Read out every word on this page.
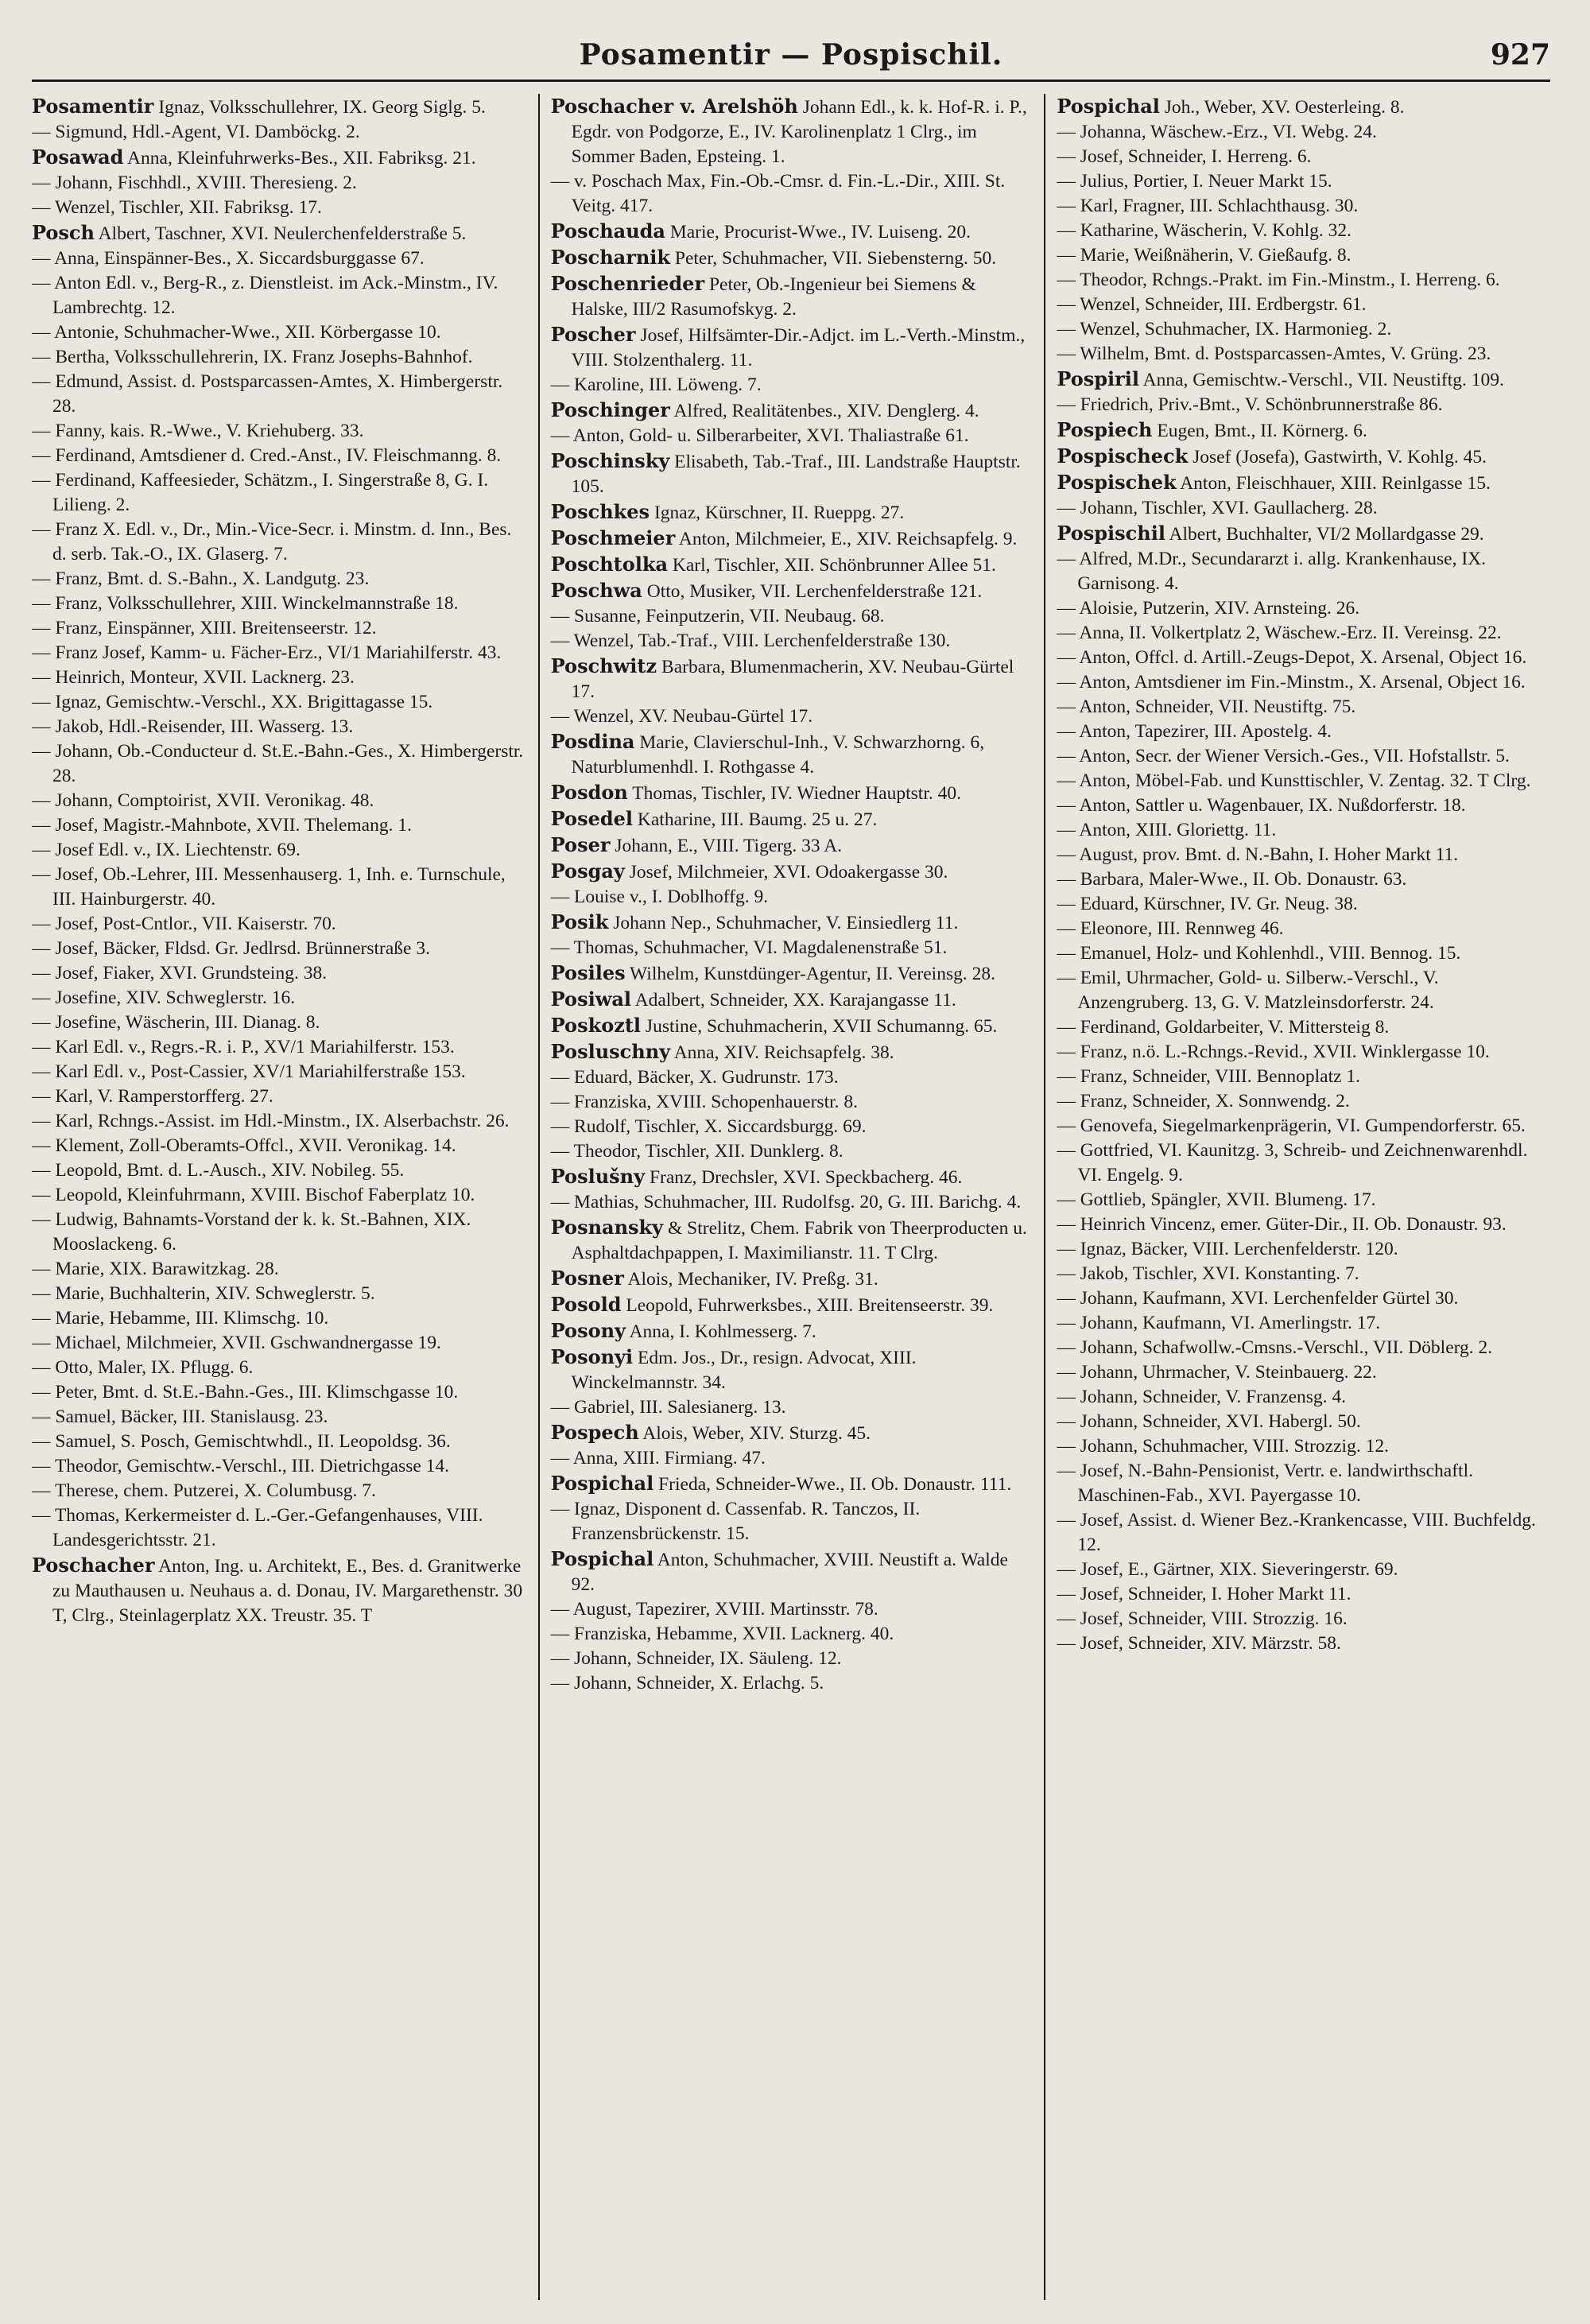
Posamentir — Pospischil.	927

Posamentir Ignaz, Volksschullehrer, IX. Georg Siglg. 5.

— Sigmund, Hdl.-Agent, VI. Damböckg. 2.

Posawad Anna, Kleinfuhrwerks-Bes., XII. Fabriksg. 21.

— Johann, Fischhdl., XVIII. Theresieng. 2.

— Wenzel, Tischler, XII. Fabriksg. 17.

Posch Albert, Taschner, XVI. Neulerchenfelderstraße 5.

— Anna, Einspänner-Bes., X. Siccardsburggasse 67.

— Anton Edl. v., Berg-R., z. Dienstleist. im Ack.-Minstm., IV. Lambrechtg. 12.

— Antonie, Schuhmacher-Wwe., XII. Körbergasse 10.

— Bertha, Volksschullehrerin, IX. Franz Josephs-Bahnhof.

— Edmund, Assist. d. Postsparcassen-Amtes, X. Himbergerstr. 28.

— Fanny, kais. R.-Wwe., V. Kriehuberg. 33.

— Ferdinand, Amtsdiener d. Cred.-Anst., IV. Fleischmanng. 8.

— Ferdinand, Kaffeesieder, Schätzm., I. Singerstraße 8, G. I. Lilieng. 2.

— Franz X. Edl. v., Dr., Min.-Vice-Secr. i. Minstm. d. Inn., Bes. d. serb. Tak.-O., IX. Glaserg. 7.

— Franz, Bmt. d. S.-Bahn., X. Landgutg. 23.

— Franz, Volksschullehrer, XIII. Winckelmannstraße 18.

— Franz, Einspänner, XIII. Breitenseerstr. 12.

— Franz Josef, Kamm- u. Fächer-Erz., VI/1 Mariahilferstr. 43.

— Heinrich, Monteur, XVII. Lacknerg. 23.

— Ignaz, Gemischtw.-Verschl., XX. Brigittagasse 15.

— Jakob, Hdl.-Reisender, III. Wasserg. 13.

— Johann, Ob.-Conducteur d. St.E.-Bahn.-Ges., X. Himbergerstr. 28.

— Johann, Comptoirist, XVII. Veronikag. 48.

— Josef, Magistr.-Mahnbote, XVII. Thelemang. 1.

— Josef Edl. v., IX. Liechtenstr. 69.

— Josef, Ob.-Lehrer, III. Messenhauserg. 1, Inh. e. Turnschule, III. Hainburgerstr. 40.

— Josef, Post-Cntlor., VII. Kaiserstr. 70.

— Josef, Bäcker, Fldsd. Gr. Jedlrsd. Brünnerstraße 3.

— Josef, Fiaker, XVI. Grundsteing. 38.

— Josefine, XIV. Schweglerstr. 16.

— Josefine, Wäscherin, III. Dianag. 8.

— Karl Edl. v., Regrs.-R. i. P., XV/1 Mariahilferstr. 153.

— Karl Edl. v., Post-Cassier, XV/1 Mariahilferstraße 153.

— Karl, V. Ramperstorfferg. 27.

— Karl, Rchngs.-Assist. im Hdl.-Minstm., IX. Alserbachstr. 26.

— Klement, Zoll-Oberamts-Offcl., XVII. Veronikag. 14.

— Leopold, Bmt. d. L.-Ausch., XIV. Nobileg. 55.

— Leopold, Kleinfuhrmann, XVIII. Bischof Faberplatz 10.

— Ludwig, Bahnamts-Vorstand der k. k. St.-Bahnen, XIX. Mooslackeng. 6.

— Marie, XIX. Barawitzkag. 28.

— Marie, Buchhalterin, XIV. Schweglerstr. 5.

— Marie, Hebamme, III. Klimschg. 10.

— Michael, Milchmeier, XVII. Gschwandnergasse 19.

— Otto, Maler, IX. Pflugg. 6.

— Peter, Bmt. d. St.E.-Bahn.-Ges., III. Klimschgasse 10.

— Samuel, Bäcker, III. Stanislausg. 23.

— Samuel, S. Posch, Gemischtwhdl., II. Leopoldsg. 36.

— Theodor, Gemischtw.-Verschl., III. Dietrichgasse 14.

— Therese, chem. Putzerei, X. Columbusg. 7.

— Thomas, Kerkermeister d. L.-Ger.-Gefangenhauses, VIII. Landesgerichtsstr. 21.

Poschacher Anton, Ing. u. Architekt, E., Bes. d. Granitwerke zu Mauthausen u. Neuhaus a. d. Donau, IV. Margarethenstr. 30 T, Clrg., Steinlagerplatz XX. Treustr. 35. T

Poschacher v. Arelshöh Johann Edl., k. k. Hof-R. i. P., Egdr. von Podgorze, E., IV. Karolinenplatz 1 Clrg., im Sommer Baden, Epsteing. 1.

— v. Poschach Max, Fin.-Ob.-Cmsr. d. Fin.-L.-Dir., XIII. St. Veitg. 417.

Poschauda Marie, Procurist-Wwe., IV. Luiseng. 20.

Poscharnik Peter, Schuhmacher, VII. Siebensterng. 50.

Poschenrieder Peter, Ob.-Ingenieur bei Siemens & Halske, III/2 Rasumofskyg. 2.

Poscher Josef, Hilfsämter-Dir.-Adjct. im L.-Verth.-Minstm., VIII. Stolzenthalerg. 11.

— Karoline, III. Löweng. 7.

Poschinger Alfred, Realitätenbes., XIV. Denglerg. 4.

— Anton, Gold- u. Silberarbeiter, XVI. Thaliastraße 61.

Poschinsky Elisabeth, Tab.-Traf., III. Landstraße Hauptstr. 105.

Poschkes Ignaz, Kürschner, II. Rueppg. 27.

Poschmeier Anton, Milchmeier, E., XIV. Reichsapfelg. 9.

Poschtolka Karl, Tischler, XII. Schönbrunner Allee 51.

Poschwa Otto, Musiker, VII. Lerchenfelderstraße 121.

— Susanne, Feinputzerin, VII. Neubaug. 68.

— Wenzel, Tab.-Traf., VIII. Lerchenfelderstraße 130.

Poschwitz Barbara, Blumenmacherin, XV. Neubau-Gürtel 17.

— Wenzel, XV. Neubau-Gürtel 17.

Posdina Marie, Clavierschul-Inh., V. Schwarzhorng. 6, Naturblumenhdl. I. Rothgasse 4.

Posdon Thomas, Tischler, IV. Wiedner Hauptstr. 40.

Posedel Katharine, III. Baumg. 25 u. 27.

Poser Johann, E., VIII. Tigerg. 33 A.

Posgay Josef, Milchmeier, XVI. Odoakergasse 30.

— Louise v., I. Doblhoffg. 9.

Posik Johann Nep., Schuhmacher, V. Einsiedlerg 11.

— Thomas, Schuhmacher, VI. Magdalenenstraße 51.

Posiles Wilhelm, Kunstdünger-Agentur, II. Vereinsg. 28.

Posiwal Adalbert, Schneider, XX. Karajangasse 11.

Poskoztl Justine, Schuhmacherin, XVII Schumanng. 65.

Posluschny Anna, XIV. Reichsapfelg. 38.

— Eduard, Bäcker, X. Gudrunstr. 173.

— Franziska, XVIII. Schopenhauerstr. 8.

— Rudolf, Tischler, X. Siccardsburgg. 69.

— Theodor, Tischler, XII. Dunklerg. 8.

Poslušny Franz, Drechsler, XVI. Speckbacherg. 46.

— Mathias, Schuhmacher, III. Rudolfsg. 20, G. III. Barichg. 4.

Posnansky & Strelitz, Chem. Fabrik von Theerproducten u. Asphaltdachpappen, I. Maximilianstr. 11. T Clrg.

Posner Alois, Mechaniker, IV. Preßg. 31.

Posold Leopold, Fuhrwerksbes., XIII. Breitenseerstr. 39.

Posony Anna, I. Kohlmesserg. 7.

Posonyi Edm. Jos., Dr., resign. Advocat, XIII. Winckelmannstr. 34.

— Gabriel, III. Salesianerg. 13.

Pospech Alois, Weber, XIV. Sturzg. 45.

— Anna, XIII. Firmiang. 47.

Pospichal Frieda, Schneider-Wwe., II. Ob. Donaustr. 111.

— Ignaz, Disponent d. Cassenfab. R. Tanczos, II. Franzensbrückenstr. 15.

Pospichal Anton, Schuhmacher, XVIII. Neustift a. Walde 92.

— August, Tapezirer, XVIII. Martinsstr. 78.

— Franziska, Hebamme, XVII. Lacknerg. 40.

— Johann, Schneider, IX. Säuleng. 12.

— Johann, Schneider, X. Erlachg. 5.

Pospichal Joh., Weber, XV. Oesterleing. 8.

— Johanna, Wäschew.-Erz., VI. Webg. 24.

— Josef, Schneider, I. Herreng. 6.

— Julius, Portier, I. Neuer Markt 15.

— Karl, Fragner, III. Schlachthausg. 30.

— Katharine, Wäscherin, V. Kohlg. 32.

— Marie, Weißnäherin, V. Gießaufg. 8.

— Theodor, Rchngs.-Prakt. im Fin.-Minstm., I. Herreng. 6.

— Wenzel, Schneider, III. Erdbergstr. 61.

— Wenzel, Schuhmacher, IX. Harmonieg. 2.

— Wilhelm, Bmt. d. Postsparcassen-Amtes, V. Grüng. 23.

Pospiril Anna, Gemischtw.-Verschl., VII. Neustiftg. 109.

— Friedrich, Priv.-Bmt., V. Schönbrunnerstraße 86.

Pospiech Eugen, Bmt., II. Körnerg. 6.

Pospischeck Josef (Josefa), Gastwirth, V. Kohlg. 45.

Pospischek Anton, Fleischhauer, XIII. Reinlgasse 15.

— Johann, Tischler, XVI. Gaullacherg. 28.

Pospischil Albert, Buchhalter, VI/2 Mollardgasse 29.

— Alfred, M.Dr., Secundararzt i. allg. Krankenhause, IX. Garnisong. 4.

— Aloisie, Putzerin, XIV. Arnsteing. 26.

— Anna, II. Volkertplatz 2, Wäschew.-Erz. II. Vereinsg. 22.

— Anton, Offcl. d. Artill.-Zeugs-Depot, X. Arsenal, Object 16.

— Anton, Amtsdiener im Fin.-Minstm., X. Arsenal, Object 16.

— Anton, Schneider, VII. Neustiftg. 75.

— Anton, Tapezirer, III. Apostelg. 4.

— Anton, Secr. der Wiener Versich.-Ges., VII. Hofstallstr. 5.

— Anton, Möbel-Fab. und Kunsttischler, V. Zentag. 32. T Clrg.

— Anton, Sattler u. Wagenbauer, IX. Nußdorferstr. 18.

— Anton, XIII. Gloriettg. 11.

— August, prov. Bmt. d. N.-Bahn, I. Hoher Markt 11.

— Barbara, Maler-Wwe., II. Ob. Donaustr. 63.

— Eduard, Kürschner, IV. Gr. Neug. 38.

— Eleonore, III. Rennweg 46.

— Emanuel, Holz- und Kohlenhdl., VIII. Bennog. 15.

— Emil, Uhrmacher, Gold- u. Silberw.-Verschl., V. Anzengruberg. 13, G. V. Matzleinsdorferstr. 24.

— Ferdinand, Goldarbeiter, V. Mittersteig 8.

— Franz, n.ö. L.-Rchngs.-Revid., XVII. Winklergasse 10.

— Franz, Schneider, VIII. Bennoplatz 1.

— Franz, Schneider, X. Sonnwendg. 2.

— Genovefa, Siegelmarkenprägerin, VI. Gumpendorferstr. 65.

— Gottfried, VI. Kaunitzg. 3, Schreib- und Zeichnenwarenhdl. VI. Engelg. 9.

— Gottlieb, Spängler, XVII. Blumeng. 17.

— Heinrich Vincenz, emer. Güter-Dir., II. Ob. Donaustr. 93.

— Ignaz, Bäcker, VIII. Lerchenfelderstr. 120.

— Jakob, Tischler, XVI. Konstanting. 7.

— Johann, Kaufmann, XVI. Lerchenfelder Gürtel 30.

— Johann, Kaufmann, VI. Amerlingstr. 17.

— Johann, Schafwollw.-Cmsns.-Verschl., VII. Döblerg. 2.

— Johann, Uhrmacher, V. Steinbauerg. 22.

— Johann, Schneider, V. Franzensg. 4.

— Johann, Schneider, XVI. Habergl. 50.

— Johann, Schuhmacher, VIII. Strozzig. 12.

— Josef, N.-Bahn-Pensionist, Vertr. e. landwirthschaftl. Maschinen-Fab., XVI. Payergasse 10.

— Josef, Assist. d. Wiener Bez.-Krankencasse, VIII. Buchfeldg. 12.

— Josef, E., Gärtner, XIX. Sieveringerstr. 69.

— Josef, Schneider, I. Hoher Markt 11.

— Josef, Schneider, VIII. Strozzig. 16.

— Josef, Schneider, XIV. Märzstr. 58.
